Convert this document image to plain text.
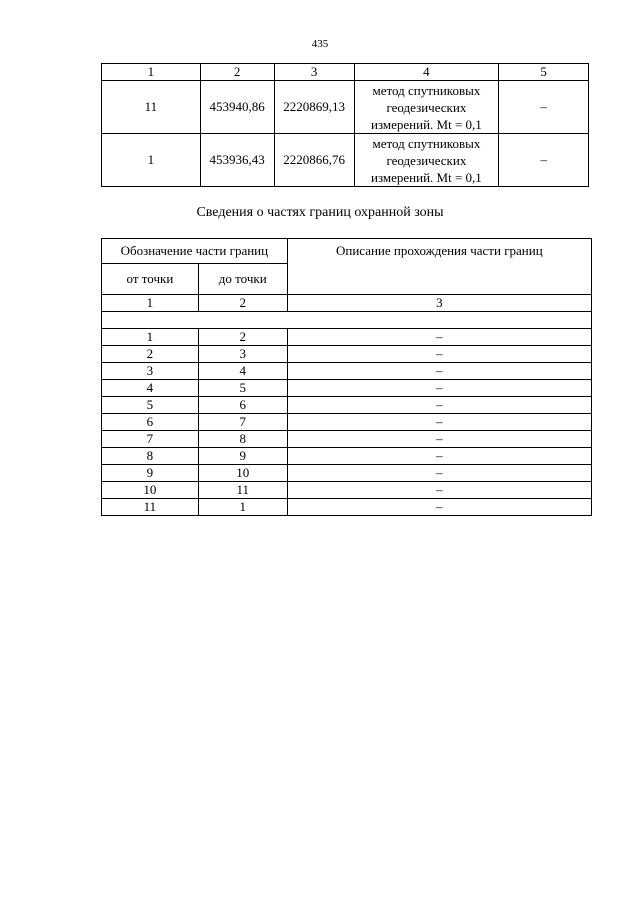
435
1	2	3	4	5
11	453940,86	2220869,13	метод спутниковых
геодезических
измерений. Mt = 0,1	–
1	453936,43	2220866,76	метод спутниковых
геодезических
измерений. Mt = 0,1	–
Сведения о частях границ охранной зоны
Обозначение части границ		Описание прохождения части границ
от точки	до точки	
1	2	3

1	2	–
2	3	–
3	4	–
4	5	–
5	6	–
6	7	–
7	8	–
8	9	–
9	10	–
10	11	–
11	1	–
